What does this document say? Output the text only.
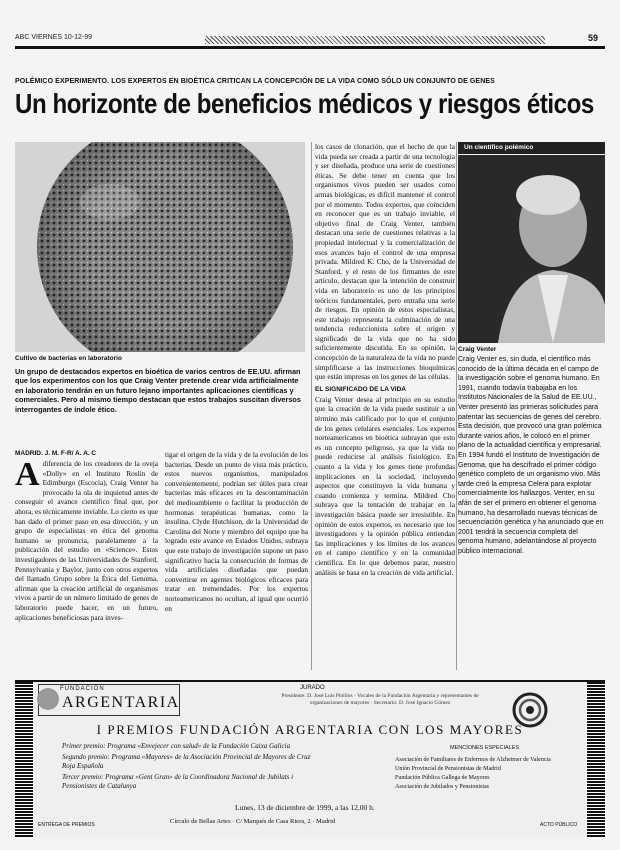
ABC VIERNES 10-12-99	59
POLÉMICO EXPERIMENTO. LOS EXPERTOS EN BIOÉTICA CRITICAN LA CONCEPCIÓN DE LA VIDA COMO SÓLO UN CONJUNTO DE GENES
Un horizonte de beneficios médicos y riesgos éticos
Cultivo de bacterias en laboratorio
Un grupo de destacados expertos en bioética de varios centros de EE.UU. afirman que los experimentos con los que Craig Venter pretende crear vida artificialmente en laboratorio tendrán en un futuro lejano importantes aplicaciones científicas y comerciales. Pero al mismo tiempo destacan que estos trabajos suscitan diversos interrogantes de índole ético.
MADRID. J. M. F-R/ A. A. C
A diferencia de los creadores de la oveja «Dolly» en el Instituto Roslin de Edimburgo (Escocia), Craig Venter ha provocado la ola de inquietud antes de conseguir el avance científico final que, por ahora, es técnicamente inviable. Lo cierto es que han dado el primer paso en esa dirección, y un grupo de especialistas en ética del genoma humano se pronuncia, paralelamente a la publicación del estudio en «Science». Estos investigadores de las Universidades de Stanford, Pennsylvania y Baylor, junto con otros expertos del llamado Grupo sobre la Ética del Genoma, afirman que la creación artificial de organismos vivos a partir de un número limitado de genes de laboratorio puede hacer, en un futuro, aplicaciones beneficiosas para inves-
tigar el origen de la vida y de la evolución de los bacterias. Desde un punto de vista más práctico, estos nuevos organismos, manipulados convenientemente, podrían ser útiles para crear bacterias más eficaces en la descontaminación del medioambiente o facilitar la producción de hormonas terapéuticas humanas, como la insulina. Clyde Hutchison, de la Universidad de Carolina del Norte y miembro del equipo que ha logrado este avance en Estados Unidos, subraya que este trabajo de investigación supone un paso significativo hacia la consecución de formas de vida artificiales diseñadas que puedan convertirse en agentes biológicos eficaces para tratar en tremendades. Por los expertos norteamericanos no ocultan, al igual que ocurrió en

los casos de clonación, que el hecho de que la vida pueda ser creada a partir de una tecnología y ser diseñada, produce una serie de cuestiones éticas. Se debe tener en cuenta que los organismos vivos pueden ser usados como armas biológicas, es difícil mantener el control por el momento. Todos expertos, que coinciden en reconocer que es un trabajo inviable, el objetivo final de Craig Venter, también destacan una serie de cuestiones relativas a la propiedad intelectual y la comercialización de esos avances bajo el control de una empresa privada. Mildred K. Cho, de la Universidad de Stanford, y el resto de los firmantes de este artículo, destacan que la intención de construir vida en laboratorio es uno de los principios teóricos fundamentales, pero entraña una serie de riesgos. En opinión de estos especialistas, este trabajo representa la culminación de una tendencia reduccionista sobre el origen y significado de la vida que no ha sido suficientemente discutida. En su opinión, la concepción de la naturaleza de la vida no puede simplificarse a las instrucciones bioquímicas que están impresas en los genes de las células.

EL SIGNIFICADO DE LA VIDA

Craig Venter desea al principio en su estudio que la creación de la vida puede sustituir a un término más calificado por lo que el conjunto de los genes celulares esenciales. Los expertos norteamericanos en bioética subrayan que esto es un concepto peligroso, ya que la vida no puede reducirse al análisis fisiológico. En cuanto a la vida y los genes tiene profundas implicaciones en la sociedad, incluyendo aspectos que constituyen la vida humana y cuando comienza y termina. Mildred Cho subraya que la tentación de trabajar en la investigación básica puede ser irresistible. En opinión de estos expertos, es necesario que los investigadores y la opinión pública entiendan las implicaciones y los límites de los avances en el campo científico y en la comunidad científica. En lo que debemos parar, nuestro análisis se basa en la creación de vida artificial.

Un científico polémico
Craig Venter
Craig Venter es, sin duda, el científico más conocido de la última década en el campo de la investigación sobre el genoma humano. En 1991, cuando todavía trabajaba en los Institutos Nacionales de la Salud de EE.UU., Venter presentó las primeras solicitudes para patentar las secuencias de genes del cerebro. Esta decisión, que provocó una gran polémica durante varios años, le colocó en el primer plano de la actualidad científica y empresarial. En 1994 fundó el Instituto de Investigación de Genoma, que ha descifrado el primer código genético completo de un organismo vivo. Más tarde creó la empresa Celera para explotar comercialmente los hallazgos. Venter, en su afán de ser el primero en obtener el genoma humano, ha desarrollado nuevas técnicas de secuenciación genética y ha anunciado que en 2001 tendrá la secuencia completa del genoma humano, adelantándose al proyecto público internacional.
FUNDACIÓN
ARGENTARIA
JURADO
Presidente: D. José Luis Pinillos · Vocales de la Fundación Argentaria y representantes de organizaciones de mayores · Secretario: D. José Ignacio Gómez
I PREMIOS FUNDACIÓN ARGENTARIA CON LOS MAYORES

Primer premio: Programa «Envejecer con salud» de la Fundación Caixa Galicia

Segundo premio: Programa «Mayores» de la Asociación Provincial de Mayores de Cruz Roja Española

Tercer premio: Programa «Gent Gran» de la Coordinadora Nacional de Jubilats i Pensionistes de Catalunya

MENCIONES ESPECIALES
Asociación de Familiares de Enfermos de Alzheimer de Valencia
Unión Provincial de Pensionistas de Madrid
Fundación Pública Gallega de Mayores
Asociación de Jubilados y Pensionistas
Lunes, 13 de diciembre de 1999, a las 12,00 h.
Círculo de Bellas Artes · C/ Marqués de Casa Riera, 2 · Madrid
ENTREGA DE PREMIOS	ACTO PÚBLICO
